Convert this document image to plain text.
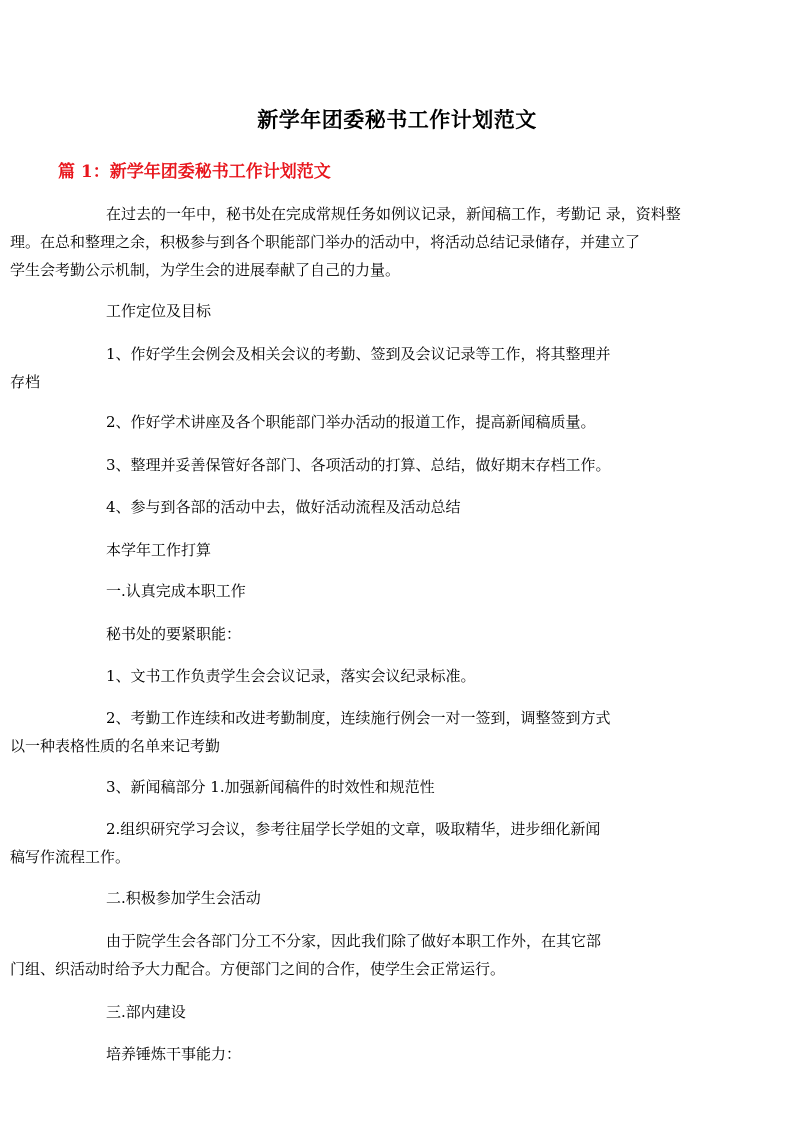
新学年团委秘书工作计划范文
篇 1：新学年团委秘书工作计划范文

在过去的一年中，秘书处在完成常规任务如例议记录，新闻稿工作，考勤记 录，资料整
理。在总和整理之余，积极参与到各个职能部门举办的活动中，将活动总结记录储存，并建立了
学生会考勤公示机制，为学生会的进展奉献了自己的力量。

工作定位及目标

1、作好学生会例会及相关会议的考勤、签到及会议记录等工作，将其整理并
存档

2、作好学术讲座及各个职能部门举办活动的报道工作，提高新闻稿质量。

3、整理并妥善保管好各部门、各项活动的打算、总结，做好期末存档工作。

4、参与到各部的活动中去，做好活动流程及活动总结

本学年工作打算

一.认真完成本职工作

秘书处的要紧职能：

1、文书工作负责学生会会议记录，落实会议纪录标准。

2、考勤工作连续和改进考勤制度，连续施行例会一对一签到，调整签到方式
以一种表格性质的名单来记考勤

3、新闻稿部分 1.加强新闻稿件的时效性和规范性

2.组织研究学习会议，参考往届学长学姐的文章，吸取精华，进步细化新闻
稿写作流程工作。

二.积极参加学生会活动

由于院学生会各部门分工不分家，因此我们除了做好本职工作外，在其它部
门组、织活动时给予大力配合。方便部门之间的合作，使学生会正常运行。

三.部内建设

培养锤炼干事能力：
